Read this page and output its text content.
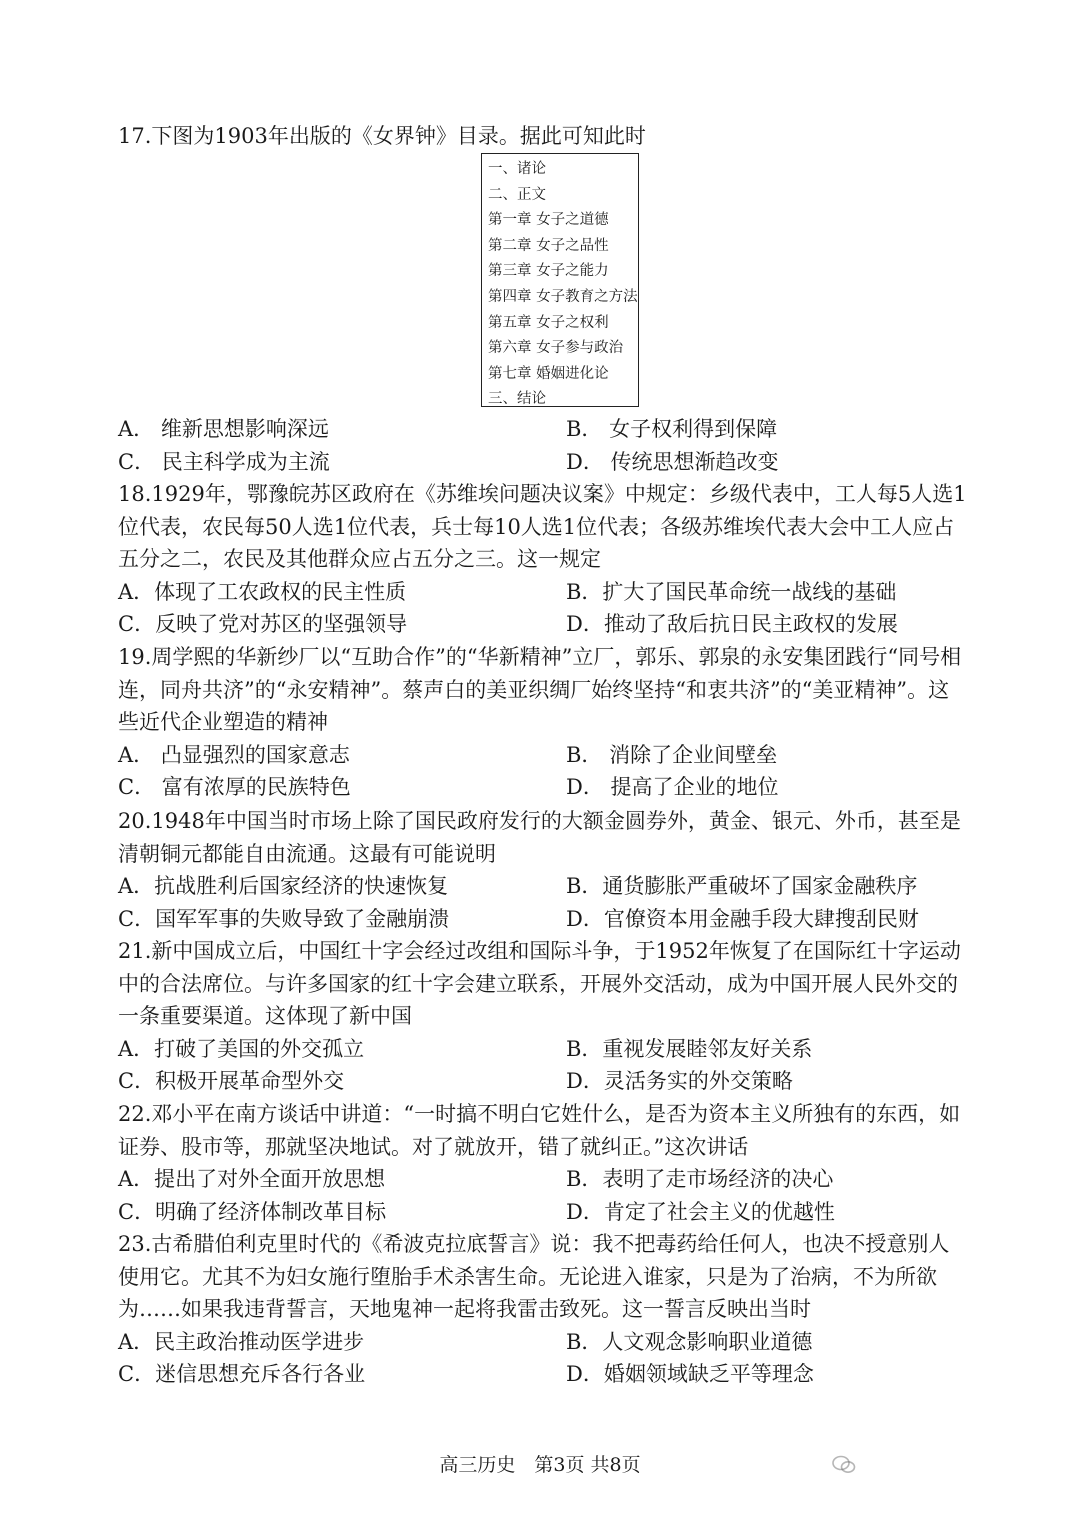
17.下图为1903年出版的《女界钟》目录。据此可知此时

一、诸论
二、正文
第一章 女子之道德
第二章 女子之品性
第三章 女子之能力
第四章 女子教育之方法
第五章 女子之权利
第六章 女子参与政治
第七章 婚姻进化论
三、结论
A． 维新思想影响深远	B． 女子权利得到保障
C． 民主科学成为主流	D． 传统思想渐趋改变

18.1929年，鄂豫皖苏区政府在《苏维埃问题决议案》中规定：乡级代表中，工人每5人选1位代表，农民每50人选1位代表，兵士每10人选1位代表；各级苏维埃代表大会中工人应占五分之二，农民及其他群众应占五分之三。这一规定

A．体现了工农政权的民主性质	B．扩大了国民革命统一战线的基础
C．反映了党对苏区的坚强领导	D．推动了敌后抗日民主政权的发展

19.周学熙的华新纱厂以“互助合作”的“华新精神”立厂，郭乐、郭泉的永安集团践行“同号相连，同舟共济”的“永安精神”。蔡声白的美亚织绸厂始终坚持“和衷共济”的“美亚精神”。这些近代企业塑造的精神

A． 凸显强烈的国家意志	B． 消除了企业间壁垒
C． 富有浓厚的民族特色	D． 提高了企业的地位

20.1948年中国当时市场上除了国民政府发行的大额金圆券外，黄金、银元、外币，甚至是清朝铜元都能自由流通。这最有可能说明

A．抗战胜利后国家经济的快速恢复	B．通货膨胀严重破坏了国家金融秩序
C．国军军事的失败导致了金融崩溃	D．官僚资本用金融手段大肆搜刮民财

21.新中国成立后，中国红十字会经过改组和国际斗争，于1952年恢复了在国际红十字运动中的合法席位。与许多国家的红十字会建立联系，开展外交活动，成为中国开展人民外交的一条重要渠道。这体现了新中国

A．打破了美国的外交孤立	B．重视发展睦邻友好关系
C．积极开展革命型外交	D．灵活务实的外交策略

22.邓小平在南方谈话中讲道：“一时搞不明白它姓什么，是否为资本主义所独有的东西，如证券、股市等，那就坚决地试。对了就放开，错了就纠正。”这次讲话

A．提出了对外全面开放思想	B．表明了走市场经济的决心
C．明确了经济体制改革目标	D．肯定了社会主义的优越性

23.古希腊伯利克里时代的《希波克拉底誓言》说：我不把毒药给任何人，也决不授意别人使用它。尤其不为妇女施行堕胎手术杀害生命。无论进入谁家，只是为了治病，不为所欲为……如果我违背誓言，天地鬼神一起将我雷击致死。这一誓言反映出当时

A．民主政治推动医学进步	B．人文观念影响职业道德
C．迷信思想充斥各行各业	D．婚姻领域缺乏平等理念
高三历史　第3页 共8页
